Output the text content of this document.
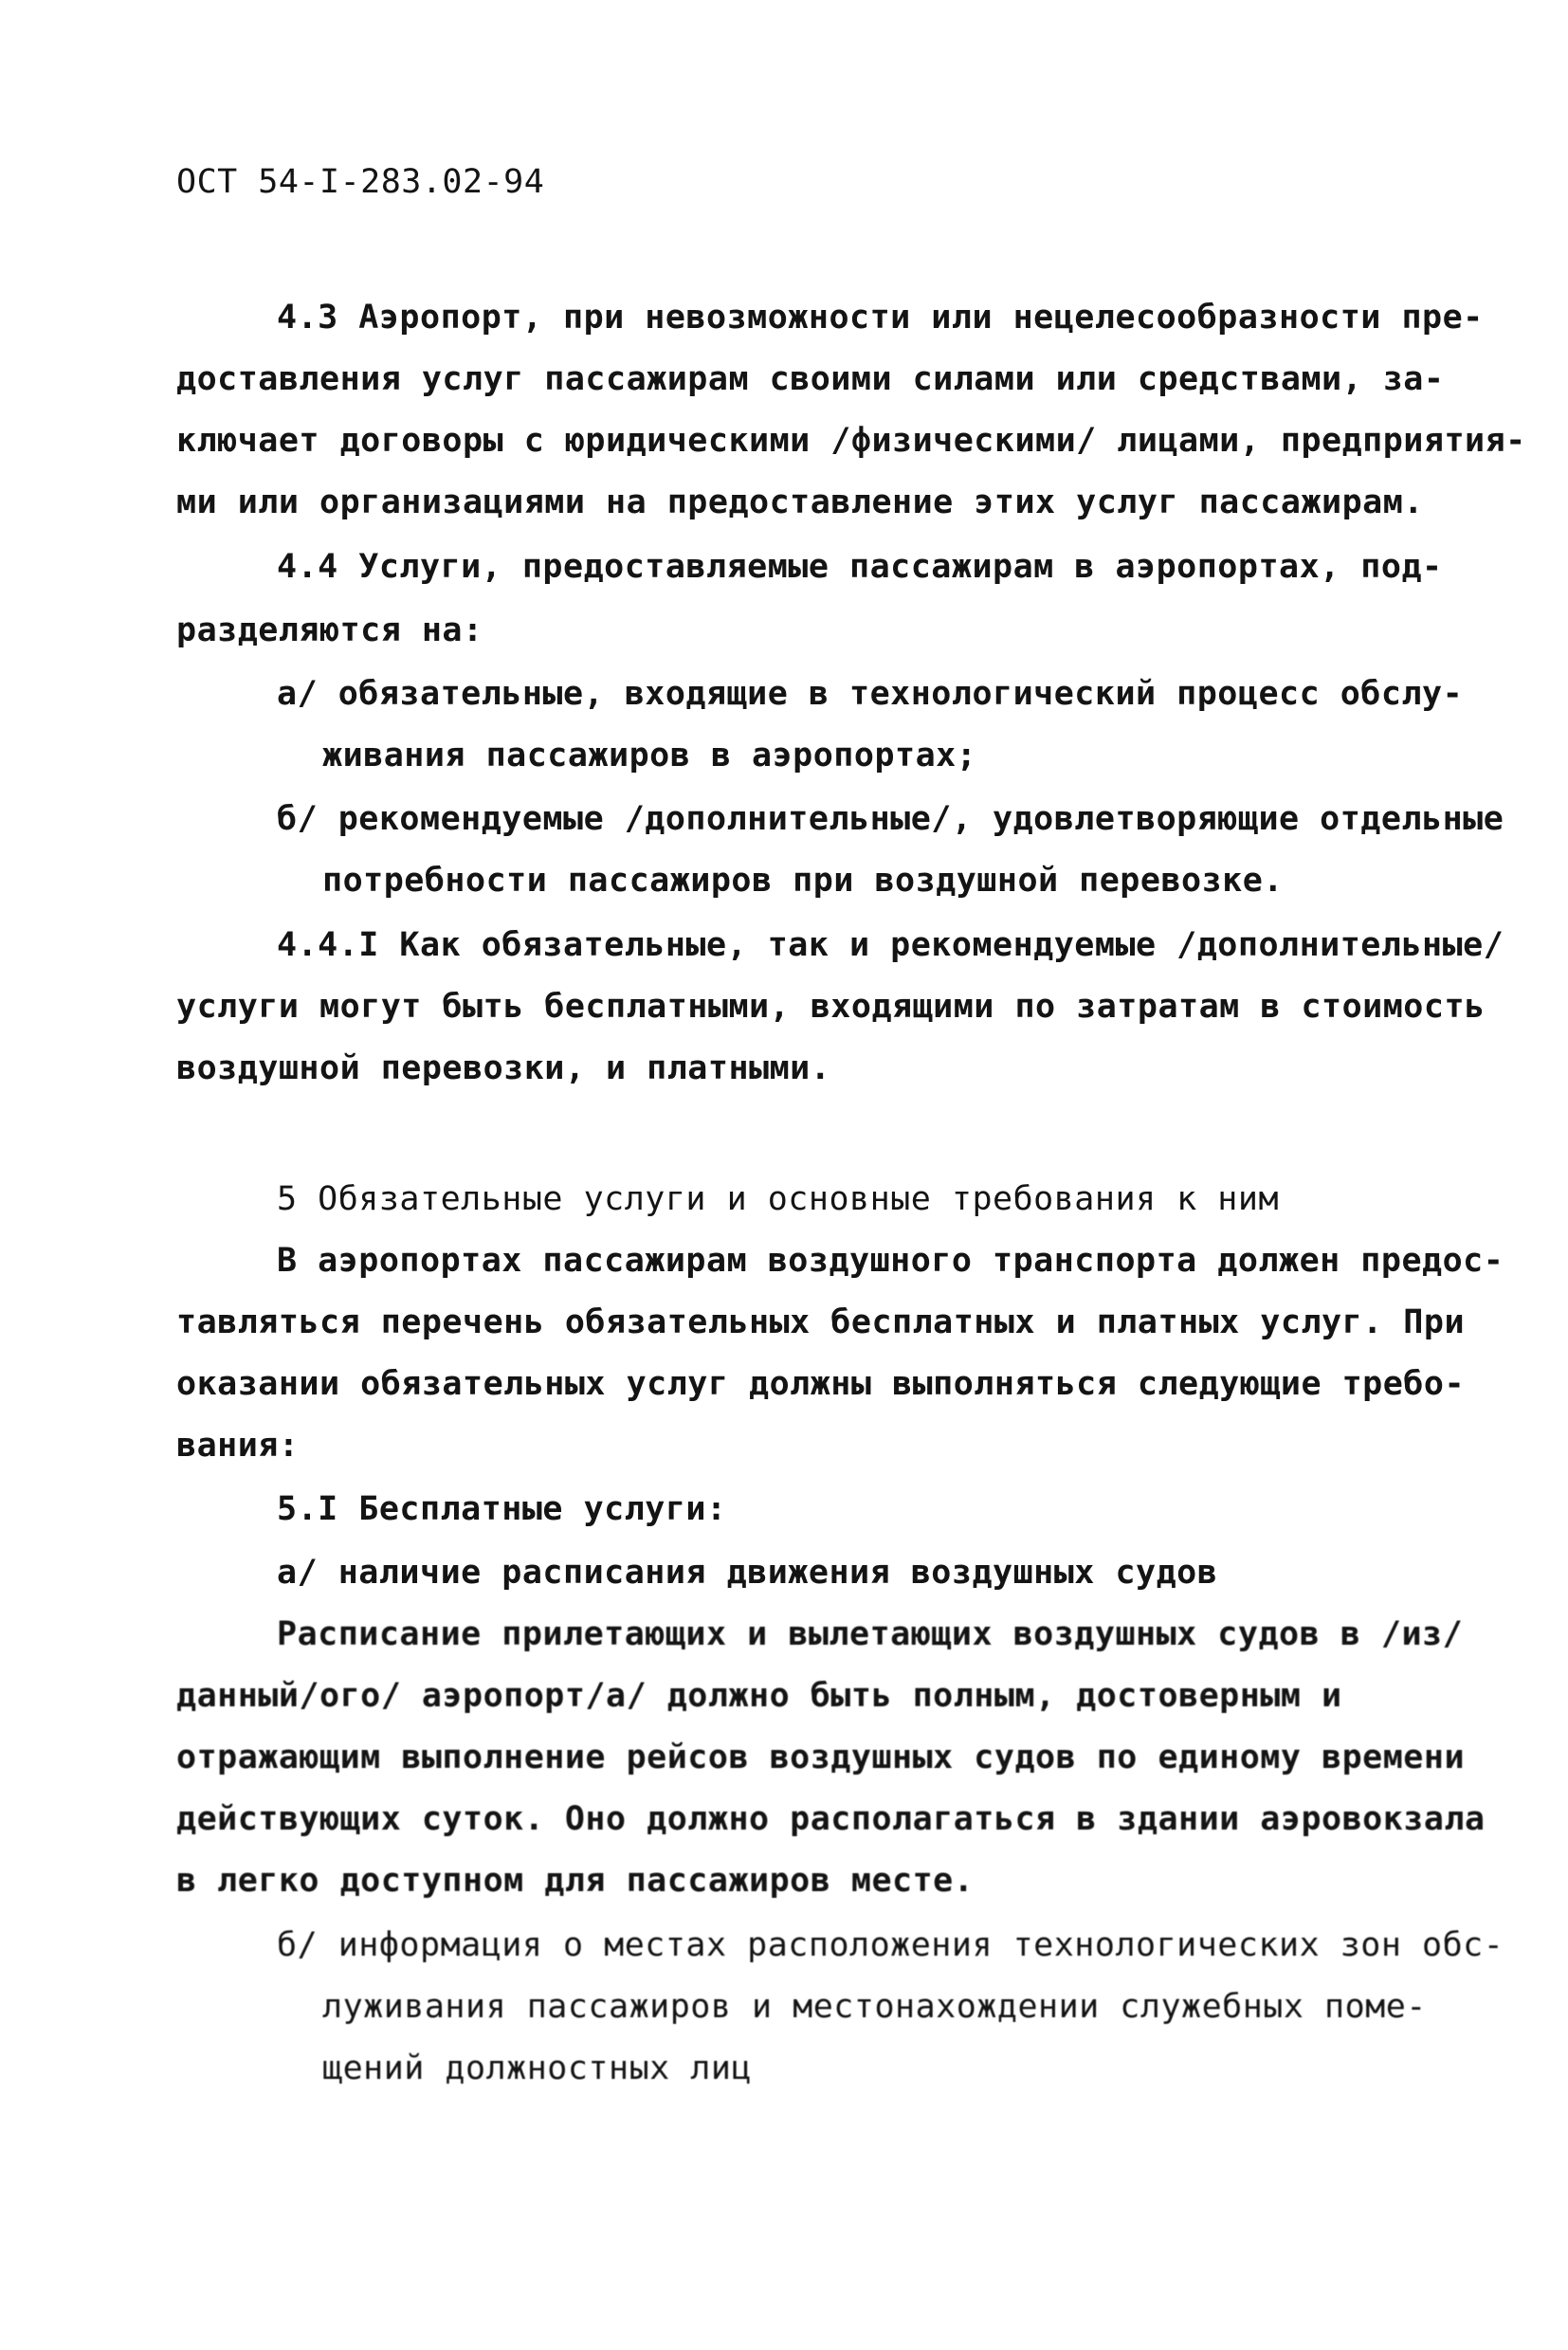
ОСТ 54-I-283.02-94
4.3 Аэропорт, при невозможности или нецелесообразности пре-
доставления услуг пассажирам своими силами или средствами, за-
ключает договоры с юридическими /физическими/ лицами, предприятия-
ми или организациями на предоставление этих услуг пассажирам.
4.4 Услуги, предоставляемые пассажирам в аэропортах, под-
разделяются на:
а/ обязательные, входящие в технологический процесс обслу-
живания пассажиров в аэропортах;
б/ рекомендуемые /дополнительные/, удовлетворяющие отдельные
потребности пассажиров при воздушной перевозке.
4.4.I Как обязательные, так и рекомендуемые /дополнительные/
услуги могут быть бесплатными, входящими по затратам в стоимость
воздушной перевозки, и платными.
5 Обязательные услуги и основные требования к ним
В аэропортах пассажирам воздушного транспорта должен предос-
тавляться перечень обязательных бесплатных и платных услуг. При
оказании обязательных услуг должны выполняться следующие требо-
вания:
5.I Бесплатные услуги:
а/ наличие расписания движения воздушных судов
Расписание прилетающих и вылетающих воздушных судов в /из/
данный/ого/ аэропорт/а/ должно быть полным, достоверным и
отражающим выполнение рейсов воздушных судов по единому времени
действующих суток. Оно должно располагаться в здании аэровокзала
в легко доступном для пассажиров месте.
б/ информация о местах расположения технологических зон обс-
луживания пассажиров и местонахождении служебных поме-
щений должностных лиц
